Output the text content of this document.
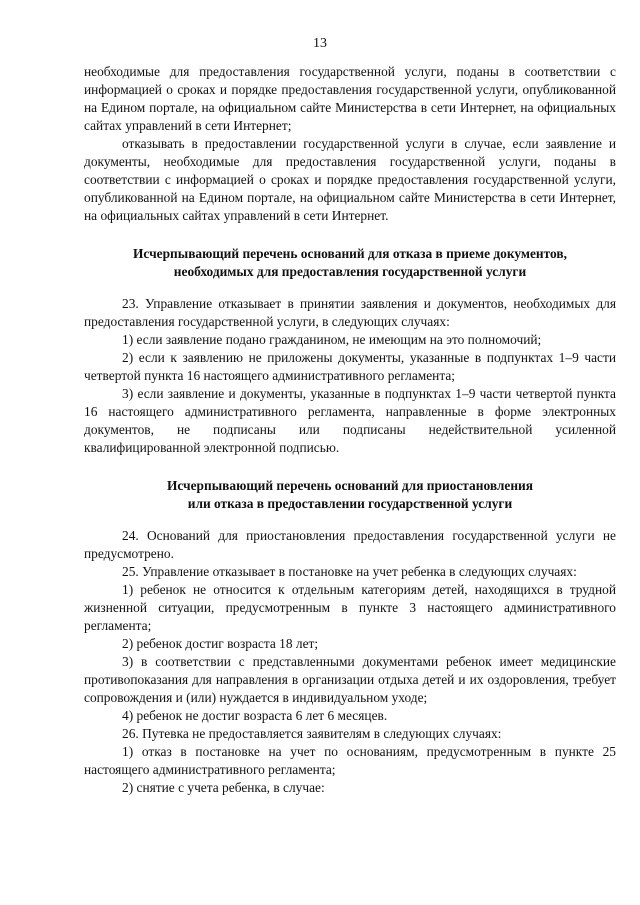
13

необходимые для предоставления государственной услуги, поданы в соответствии с информацией о сроках и порядке предоставления государственной услуги, опубликованной на Едином портале, на официальном сайте Министерства в сети Интернет, на официальных сайтах управлений в сети Интернет;

отказывать в предоставлении государственной услуги в случае, если заявление и документы, необходимые для предоставления государственной услуги, поданы в соответствии с информацией о сроках и порядке предоставления государственной услуги, опубликованной на Едином портале, на официальном сайте Министерства в сети Интернет, на официальных сайтах управлений в сети Интернет.

Исчерпывающий перечень оснований для отказа в приеме документов,

необходимых для предоставления государственной услуги

23. Управление отказывает в принятии заявления и документов, необходимых для предоставления государственной услуги, в следующих случаях:

1) если заявление подано гражданином, не имеющим на это полномочий;

2) если к заявлению не приложены документы, указанные в подпунктах 1–9 части четвертой пункта 16 настоящего административного регламента;

3) если заявление и документы, указанные в подпунктах 1–9 части четвертой пункта 16 настоящего административного регламента, направленные в форме электронных документов, не подписаны или подписаны недействительной усиленной квалифицированной электронной подписью.

Исчерпывающий перечень оснований для приостановления

или отказа в предоставлении государственной услуги

24. Оснований для приостановления предоставления государственной услуги не предусмотрено.

25. Управление отказывает в постановке на учет ребенка в следующих случаях:

1) ребенок не относится к отдельным категориям детей, находящихся в трудной жизненной ситуации, предусмотренным в пункте 3 настоящего административного регламента;

2) ребенок достиг возраста 18 лет;

3) в соответствии с представленными документами ребенок имеет медицинские противопоказания для направления в организации отдыха детей и их оздоровления, требует сопровождения и (или) нуждается в индивидуальном уходе;

4) ребенок не достиг возраста 6 лет 6 месяцев.

26. Путевка не предоставляется заявителям в следующих случаях:

1) отказ в постановке на учет по основаниям, предусмотренным в пункте 25 настоящего административного регламента;

2) снятие с учета ребенка, в случае:
